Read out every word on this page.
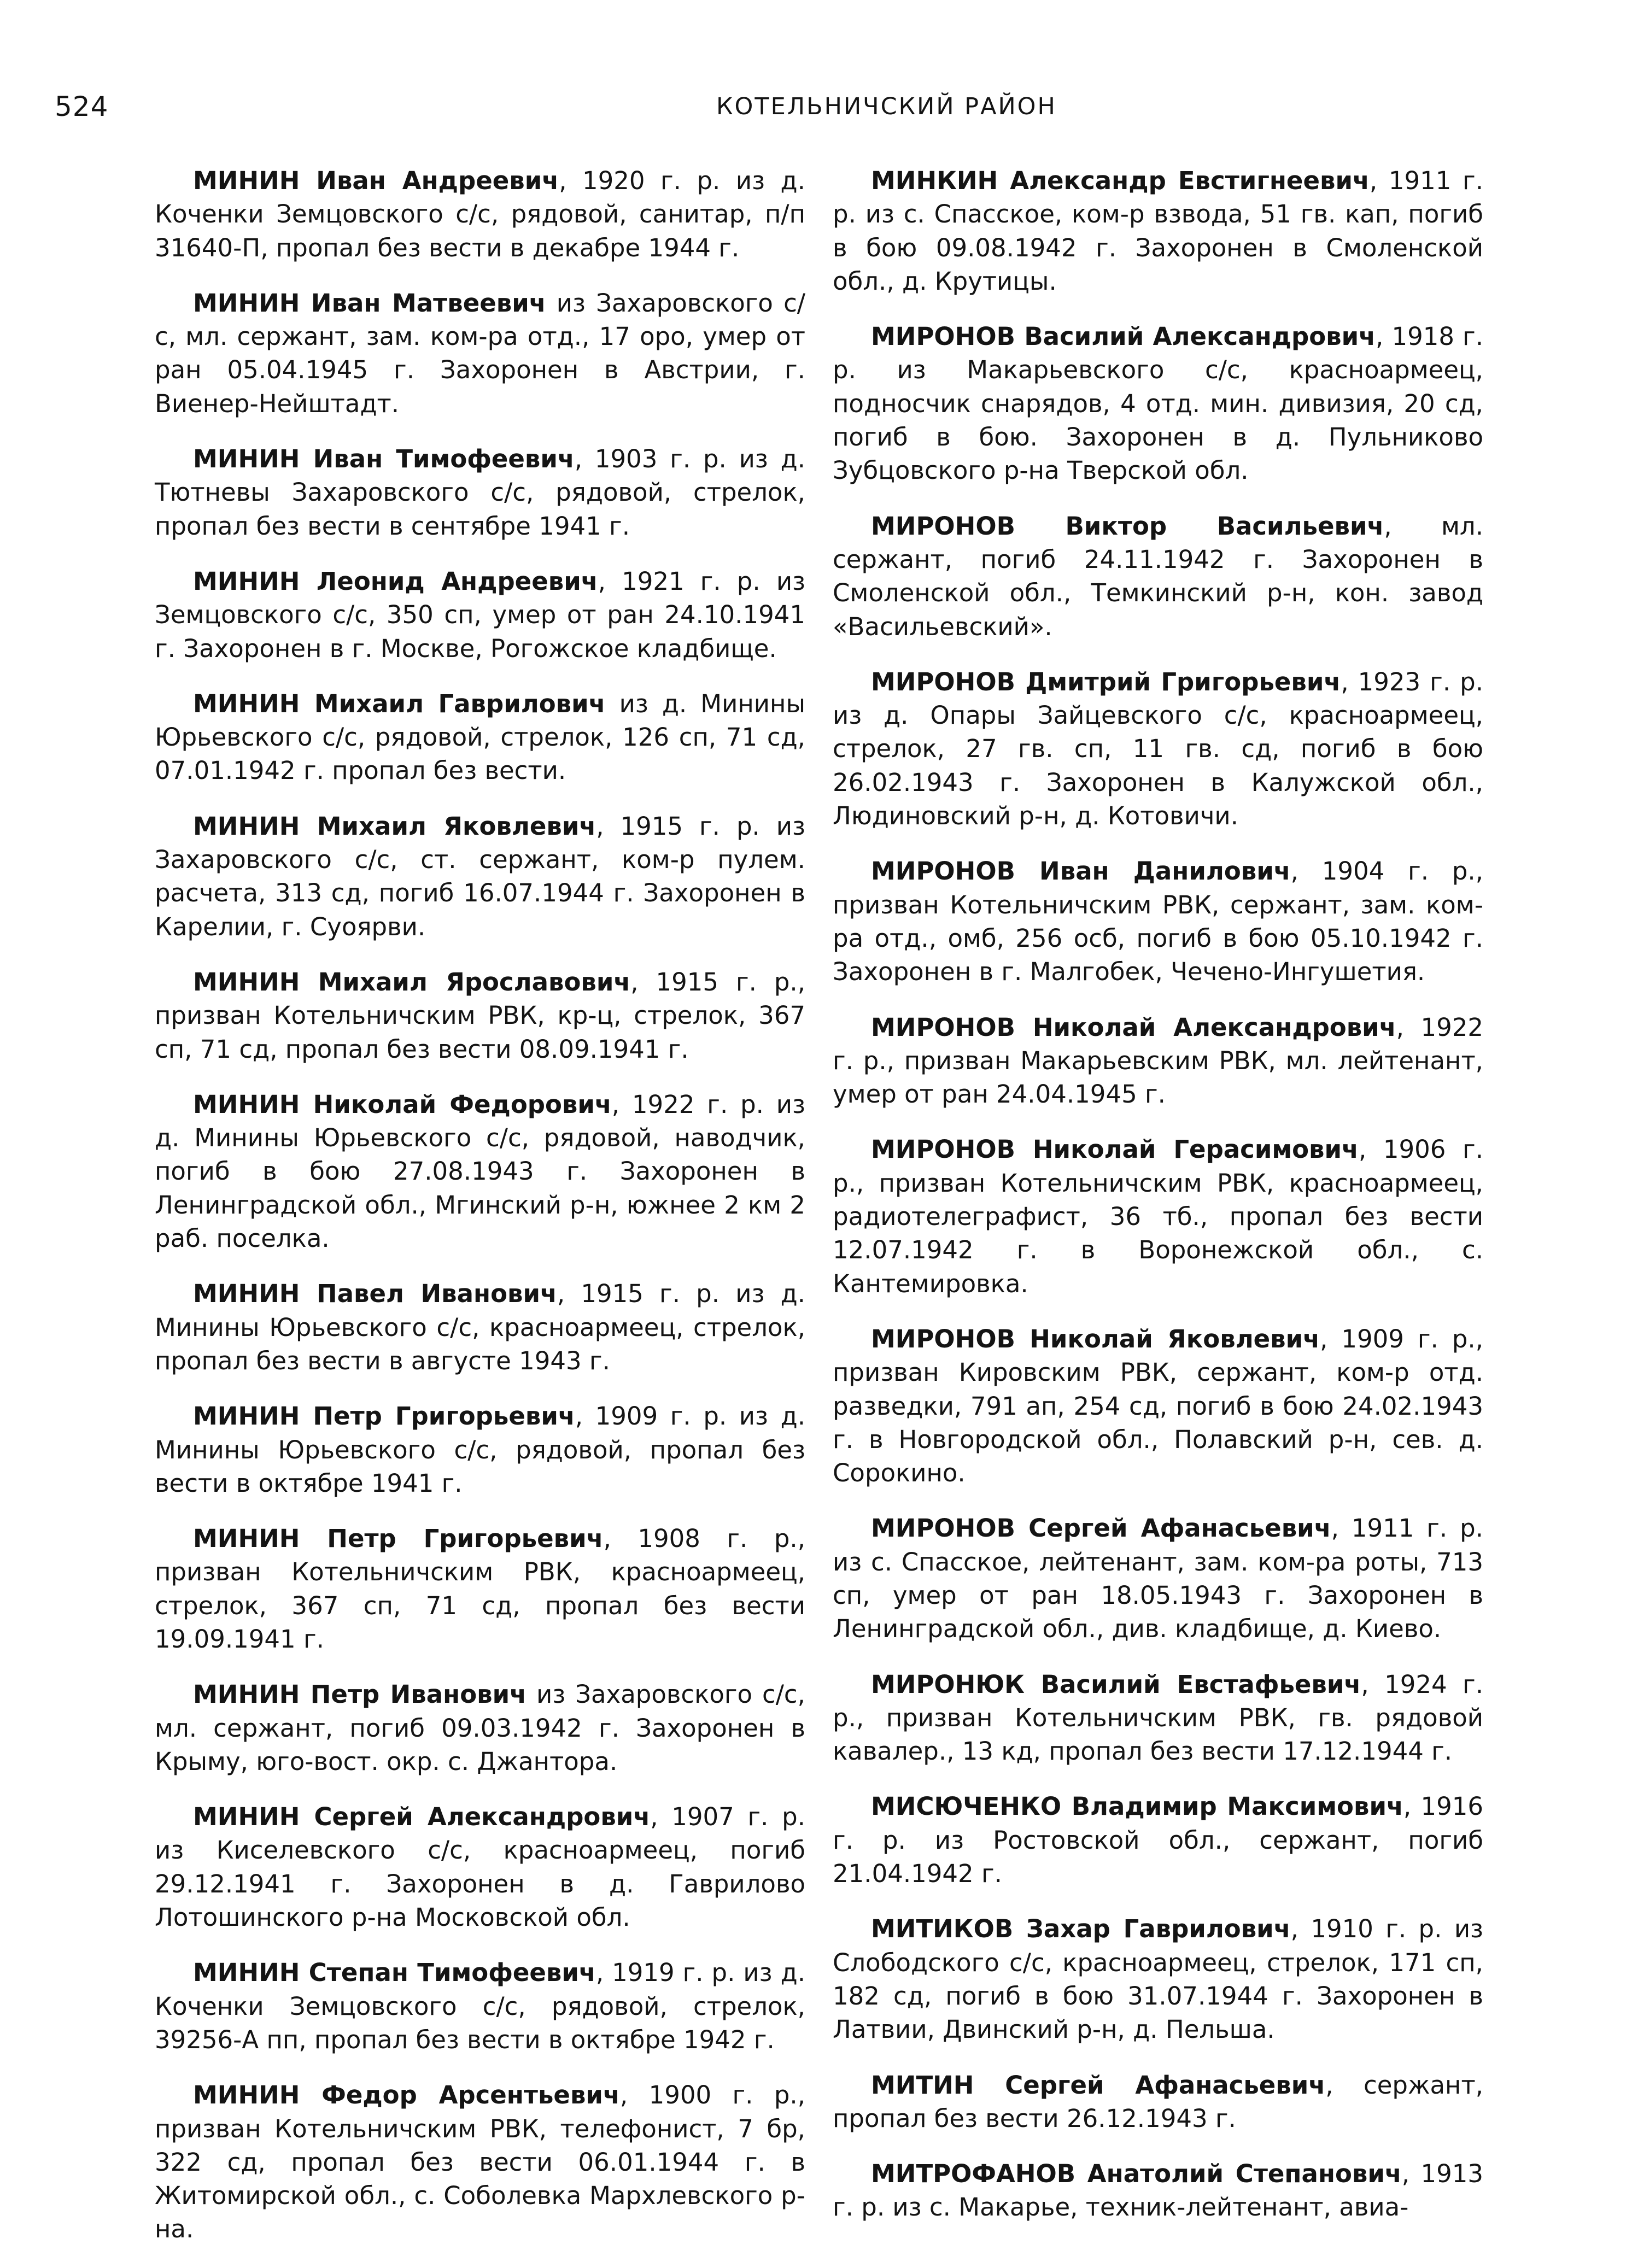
524	КОТЕЛЬНИЧСКИЙ РАЙОН

МИНИН Иван Андреевич, 1920 г. р. из д. Коченки Земцовского с/с, рядовой, санитар, п/п 31640-П, пропал без вести в декабре 1944 г.

МИНИН Иван Матвеевич из Захаровского с/с, мл. сержант, зам. ком-ра отд., 17 оро, умер от ран 05.04.1945 г. Захоронен в Австрии, г. Виенер-Нейштадт.

МИНИН Иван Тимофеевич, 1903 г. р. из д. Тютневы Захаровского с/с, рядовой, стрелок, пропал без вести в сентябре 1941 г.

МИНИН Леонид Андреевич, 1921 г. р. из Земцовского с/с, 350 сп, умер от ран 24.10.1941 г. Захоронен в г. Москве, Рогожское кладбище.

МИНИН Михаил Гаврилович из д. Минины Юрьевского с/с, рядовой, стрелок, 126 сп, 71 сд, 07.01.1942 г. пропал без вести.

МИНИН Михаил Яковлевич, 1915 г. р. из Захаровского с/с, ст. сержант, ком-р пулем. расчета, 313 сд, погиб 16.07.1944 г. Захоронен в Карелии, г. Суоярви.

МИНИН Михаил Ярославович, 1915 г. р., призван Котельничским РВК, кр-ц, стрелок, 367 сп, 71 сд, пропал без вести 08.09.1941 г.

МИНИН Николай Федорович, 1922 г. р. из д. Минины Юрьевского с/с, рядовой, наводчик, погиб в бою 27.08.1943 г. Захоронен в Ленинградской обл., Мгинский р-н, южнее 2 км 2 раб. поселка.

МИНИН Павел Иванович, 1915 г. р. из д. Минины Юрьевского с/с, красноармеец, стрелок, пропал без вести в августе 1943 г.

МИНИН Петр Григорьевич, 1909 г. р. из д. Минины Юрьевского с/с, рядовой, пропал без вести в октябре 1941 г.

МИНИН Петр Григорьевич, 1908 г. р., призван Котельничским РВК, красноармеец, стрелок, 367 сп, 71 сд, пропал без вести 19.09.1941 г.

МИНИН Петр Иванович из Захаровского с/с, мл. сержант, погиб 09.03.1942 г. Захоронен в Крыму, юго-вост. окр. с. Джантора.

МИНИН Сергей Александрович, 1907 г. р. из Киселевского с/с, красноармеец, погиб 29.12.1941 г. Захоронен в д. Гаврилово Лотошинского р-на Московской обл.

МИНИН Степан Тимофеевич, 1919 г. р. из д. Коченки Земцовского с/с, рядовой, стрелок, 39256-А пп, пропал без вести в октябре 1942 г.

МИНИН Федор Арсентьевич, 1900 г. р., призван Котельничским РВК, телефонист, 7 бр, 322 сд, пропал без вести 06.01.1944 г. в Житомирской обл., с. Соболевка Мархлевского р-на.

МИНКИН Александр Евстигнеевич, 1911 г. р. из с. Спасское, ком-р взвода, 51 гв. кап, погиб в бою 09.08.1942 г. Захоронен в Смоленской обл., д. Крутицы.

МИРОНОВ Василий Александрович, 1918 г. р. из Макарьевского с/с, красноармеец, подносчик снарядов, 4 отд. мин. дивизия, 20 сд, погиб в бою. Захоронен в д. Пульниково Зубцовского р-на Тверской обл.

МИРОНОВ Виктор Васильевич, мл. сержант, погиб 24.11.1942 г. Захоронен в Смоленской обл., Темкинский р-н, кон. завод «Васильевский».

МИРОНОВ Дмитрий Григорьевич, 1923 г. р. из д. Опары Зайцевского с/с, красноармеец, стрелок, 27 гв. сп, 11 гв. сд, погиб в бою 26.02.1943 г. Захоронен в Калужской обл., Людиновский р-н, д. Котовичи.

МИРОНОВ Иван Данилович, 1904 г. р., призван Котельничским РВК, сержант, зам. ком-ра отд., омб, 256 осб, погиб в бою 05.10.1942 г. Захоронен в г. Малгобек, Чечено-Ингушетия.

МИРОНОВ Николай Александрович, 1922 г. р., призван Макарьевским РВК, мл. лейтенант, умер от ран 24.04.1945 г.

МИРОНОВ Николай Герасимович, 1906 г. р., призван Котельничским РВК, красноармеец, радиотелеграфист, 36 тб., пропал без вести 12.07.1942 г. в Воронежской обл., с. Кантемировка.

МИРОНОВ Николай Яковлевич, 1909 г. р., призван Кировским РВК, сержант, ком-р отд. разведки, 791 ап, 254 сд, погиб в бою 24.02.1943 г. в Новгородской обл., Полавский р-н, сев. д. Сорокино.

МИРОНОВ Сергей Афанасьевич, 1911 г. р. из с. Спасское, лейтенант, зам. ком-ра роты, 713 сп, умер от ран 18.05.1943 г. Захоронен в Ленинградской обл., див. кладбище, д. Киево.

МИРОНЮК Василий Евстафьевич, 1924 г. р., призван Котельничским РВК, гв. рядовой кавалер., 13 кд, пропал без вести 17.12.1944 г.

МИСЮЧЕНКО Владимир Максимович, 1916 г. р. из Ростовской обл., сержант, погиб 21.04.1942 г.

МИТИКОВ Захар Гаврилович, 1910 г. р. из Слободского с/с, красноармеец, стрелок, 171 сп, 182 сд, погиб в бою 31.07.1944 г. Захоронен в Латвии, Двинский р-н, д. Пельша.

МИТИН Сергей Афанасьевич, сержант, пропал без вести 26.12.1943 г.

МИТРОФАНОВ Анатолий Степанович, 1913 г. р. из с. Макарье, техник-лейтенант, авиа-
